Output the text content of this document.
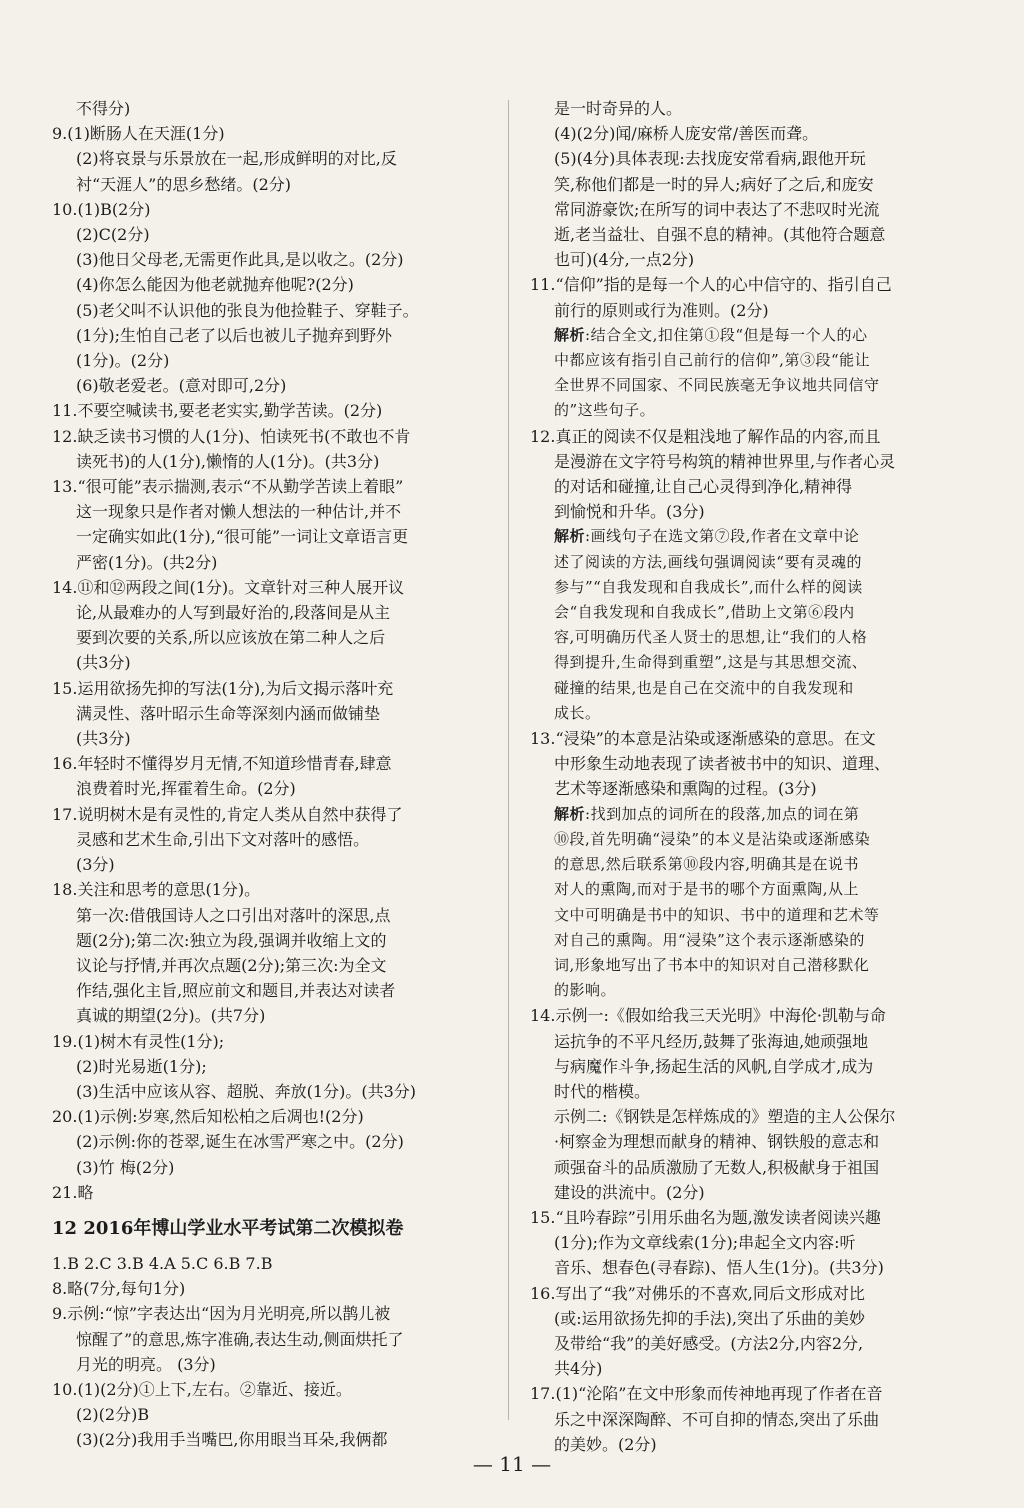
不得分)
9.(1)断肠人在天涯(1分)
(2)将哀景与乐景放在一起,形成鲜明的对比,反
衬“天涯人”的思乡愁绪。(2分)
10.(1)B(2分)
(2)C(2分)
(3)他日父母老,无需更作此具,是以收之。(2分)
(4)你怎么能因为他老就抛弃他呢?(2分)
(5)老父叫不认识他的张良为他捡鞋子、穿鞋子。
(1分);生怕自己老了以后也被儿子抛弃到野外
(1分)。(2分)
(6)敬老爱老。(意对即可,2分)
11.不要空喊读书,要老老实实,勤学苦读。(2分)
12.缺乏读书习惯的人(1分)、怕读死书(不敢也不肯
读死书)的人(1分),懒惰的人(1分)。(共3分)
13.“很可能”表示揣测,表示“不从勤学苦读上着眼”
这一现象只是作者对懒人想法的一种估计,并不
一定确实如此(1分),“很可能”一词让文章语言更
严密(1分)。(共2分)
14.⑪和⑫两段之间(1分)。文章针对三种人展开议
论,从最难办的人写到最好治的,段落间是从主
要到次要的关系,所以应该放在第二种人之后
(共3分)
15.运用欲扬先抑的写法(1分),为后文揭示落叶充
满灵性、落叶昭示生命等深刻内涵而做铺垫
(共3分)
16.年轻时不懂得岁月无情,不知道珍惜青春,肆意
浪费着时光,挥霍着生命。(2分)
17.说明树木是有灵性的,肯定人类从自然中获得了
灵感和艺术生命,引出下文对落叶的感悟。
(3分)
18.关注和思考的意思(1分)。
第一次:借俄国诗人之口引出对落叶的深思,点
题(2分);第二次:独立为段,强调并收缩上文的
议论与抒情,并再次点题(2分);第三次:为全文
作结,强化主旨,照应前文和题目,并表达对读者
真诚的期望(2分)。(共7分)
19.(1)树木有灵性(1分);
(2)时光易逝(1分);
(3)生活中应该从容、超脱、奔放(1分)。(共3分)
20.(1)示例:岁寒,然后知松柏之后凋也!(2分)
(2)示例:你的苍翠,诞生在冰雪严寒之中。(2分)
(3)竹 梅(2分)
21.略
12 2016年博山学业水平考试第二次模拟卷
1.B 2.C 3.B 4.A 5.C 6.B 7.B
8.略(7分,每句1分)
9.示例:“惊”字表达出“因为月光明亮,所以鹊儿被
惊醒了”的意思,炼字准确,表达生动,侧面烘托了
月光的明亮。 (3分)
10.(1)(2分)①上下,左右。②靠近、接近。
(2)(2分)B
(3)(2分)我用手当嘴巴,你用眼当耳朵,我俩都
是一时奇异的人。
(4)(2分)闻/麻桥人庞安常/善医而聋。
(5)(4分)具体表现:去找庞安常看病,跟他开玩
笑,称他们都是一时的异人;病好了之后,和庞安
常同游豪饮;在所写的词中表达了不悲叹时光流
逝,老当益壮、自强不息的精神。(其他符合题意
也可)(4分,一点2分)
11.“信仰”指的是每一个人的心中信守的、指引自己
前行的原则或行为准则。(2分)
解析:结合全文,扣住第①段“但是每一个人的心
中都应该有指引自己前行的信仰”,第③段“能让
全世界不同国家、不同民族毫无争议地共同信守
的”这些句子。
12.真正的阅读不仅是粗浅地了解作品的内容,而且
是漫游在文字符号构筑的精神世界里,与作者心灵
的对话和碰撞,让自己心灵得到净化,精神得
到愉悦和升华。(3分)
解析:画线句子在选文第⑦段,作者在文章中论
述了阅读的方法,画线句强调阅读“要有灵魂的
参与”“自我发现和自我成长”,而什么样的阅读
会“自我发现和自我成长”,借助上文第⑥段内
容,可明确历代圣人贤士的思想,让“我们的人格
得到提升,生命得到重塑”,这是与其思想交流、
碰撞的结果,也是自己在交流中的自我发现和
成长。
13.“浸染”的本意是沾染或逐渐感染的意思。在文
中形象生动地表现了读者被书中的知识、道理、
艺术等逐渐感染和熏陶的过程。(3分)
解析:找到加点的词所在的段落,加点的词在第
⑩段,首先明确“浸染”的本义是沾染或逐渐感染
的意思,然后联系第⑩段内容,明确其是在说书
对人的熏陶,而对于是书的哪个方面熏陶,从上
文中可明确是书中的知识、书中的道理和艺术等
对自己的熏陶。用“浸染”这个表示逐渐感染的
词,形象地写出了书本中的知识对自己潜移默化
的影响。
14.示例一:《假如给我三天光明》中海伦·凯勒与命
运抗争的不平凡经历,鼓舞了张海迪,她顽强地
与病魔作斗争,扬起生活的风帆,自学成才,成为
时代的楷模。
示例二:《钢铁是怎样炼成的》塑造的主人公保尔
·柯察金为理想而献身的精神、钢铁般的意志和
顽强奋斗的品质激励了无数人,积极献身于祖国
建设的洪流中。(2分)
15.“且吟春踪”引用乐曲名为题,激发读者阅读兴趣
(1分);作为文章线索(1分);串起全文内容:听
音乐、想春色(寻春踪)、悟人生(1分)。(共3分)
16.写出了“我”对佛乐的不喜欢,同后文形成对比
(或:运用欲扬先抑的手法),突出了乐曲的美妙
及带给“我”的美好感受。(方法2分,内容2分,
共4分)
17.(1)“沦陷”在文中形象而传神地再现了作者在音
乐之中深深陶醉、不可自抑的情态,突出了乐曲
的美妙。(2分)
— 11 —
